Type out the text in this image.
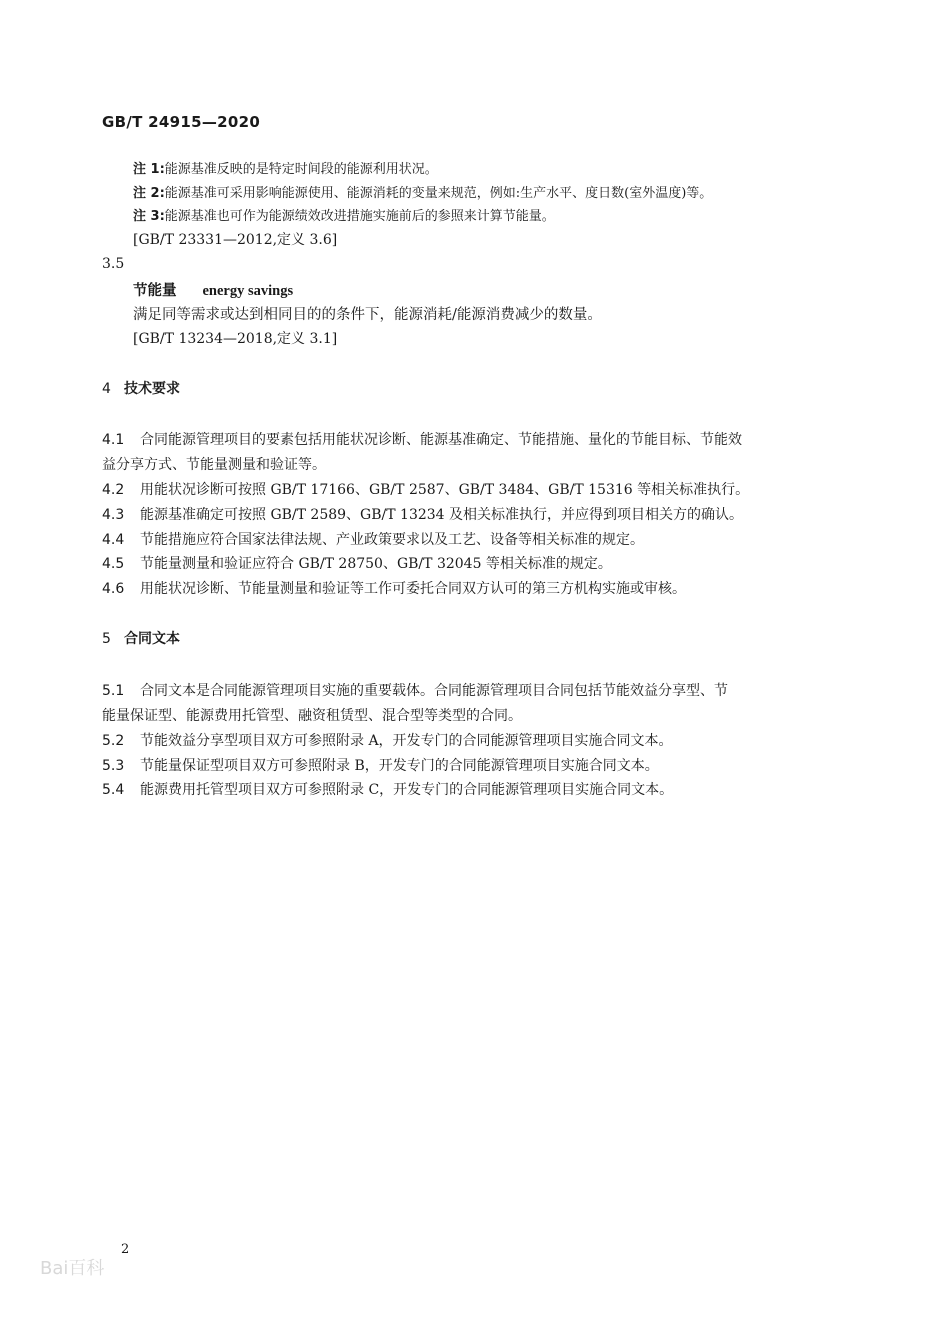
GB/T 24915—2020
注 1:能源基准反映的是特定时间段的能源利用状况。
注 2:能源基准可采用影响能源使用、能源消耗的变量来规范，例如:生产水平、度日数(室外温度)等。
注 3:能源基准也可作为能源绩效改进措施实施前后的参照来计算节能量。
[GB/T 23331—2012,定义 3.6]
3.5
节能量 energy savings
满足同等需求或达到相同目的的条件下，能源消耗/能源消费减少的数量。
[GB/T 13234—2018,定义 3.1]
4 技术要求
4.1 合同能源管理项目的要素包括用能状况诊断、能源基准确定、节能措施、量化的节能目标、节能效
益分享方式、节能量测量和验证等。
4.2 用能状况诊断可按照 GB/T 17166、GB/T 2587、GB/T 3484、GB/T 15316 等相关标准执行。
4.3 能源基准确定可按照 GB/T 2589、GB/T 13234 及相关标准执行，并应得到项目相关方的确认。
4.4 节能措施应符合国家法律法规、产业政策要求以及工艺、设备等相关标准的规定。
4.5 节能量测量和验证应符合 GB/T 28750、GB/T 32045 等相关标准的规定。
4.6 用能状况诊断、节能量测量和验证等工作可委托合同双方认可的第三方机构实施或审核。
5 合同文本
5.1 合同文本是合同能源管理项目实施的重要载体。合同能源管理项目合同包括节能效益分享型、节
能量保证型、能源费用托管型、融资租赁型、混合型等类型的合同。
5.2 节能效益分享型项目双方可参照附录 A，开发专门的合同能源管理项目实施合同文本。
5.3 节能量保证型项目双方可参照附录 B，开发专门的合同能源管理项目实施合同文本。
5.4 能源费用托管型项目双方可参照附录 C，开发专门的合同能源管理项目实施合同文本。
2
Bai百科
